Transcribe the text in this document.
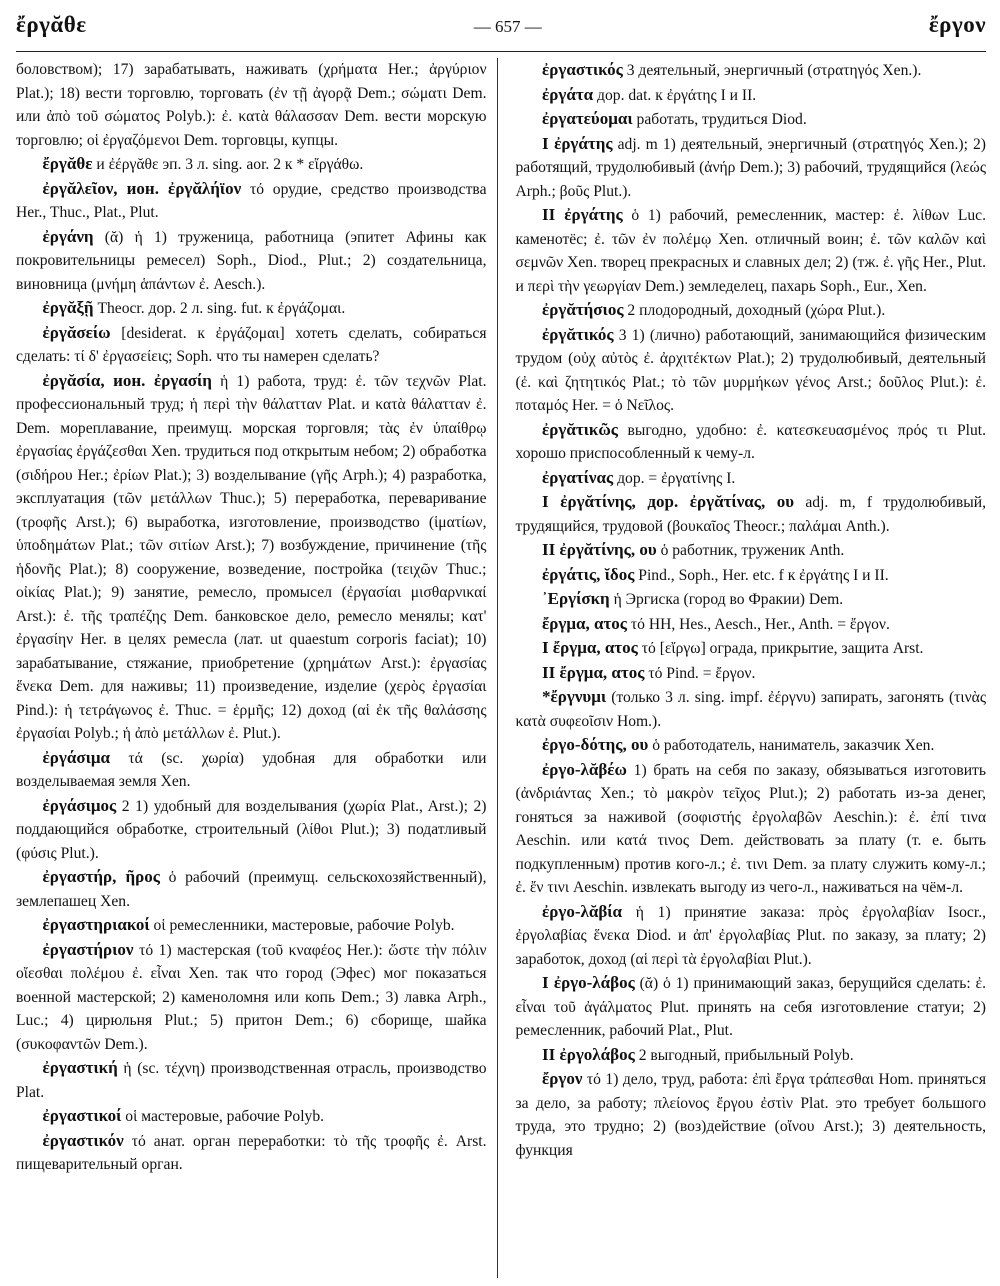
ἔργᾰθε	— 657 —	ἔργον

боловством); 17) зарабатывать, наживать (χρήματα Her.; ἀργύριον Plat.); 18) вести торговлю, торговать (ἐν τῇ ἀγορᾷ Dem.; σώματι Dem. или ἀπὸ τοῦ σώματος Polyb.): ἐ. κατὰ θάλασσαν Dem. вести морскую торговлю; οἱ ἐργαζόμενοι Dem. торговцы, купцы.

ἔργᾰθε и ἐέργᾰθε эп. 3 л. sing. aor. 2 к * εἴργάθω.

ἐργᾰλεῖον, ион. ἐργᾰλήϊον τό орудие, средство производства Her., Thuc., Plat., Plut.

ἐργάνη (ᾰ) ἡ 1) труженица, работница (эпитет Афины как покровительницы ремесел) Soph., Diod., Plut.; 2) создательница, виновница (μνήμη ἁπάντων ἐ. Aesch.).

ἐργᾰξῇ Theocr. дор. 2 л. sing. fut. к ἐργάζομαι.

ἐργᾰσείω [desiderat. к ἐργάζομαι] хотеть сделать, собираться сделать: τί δ' ἐργασείεις; Soph. что ты намерен сделать?

ἐργᾰσία, ион. ἐργασίη ἡ 1) работа, труд: ἐ. τῶν τεχνῶν Plat. профессиональный труд; ἡ περὶ τὴν θάλατταν Plat. и κατὰ θάλατταν ἐ. Dem. мореплавание, преимущ. морская торговля; τὰς ἐν ὑπαίθρῳ ἐργασίας ἐργάζεσθαι Xen. трудиться под открытым небом; 2) обработка (σιδήρου Her.; ἐρίων Plat.); 3) возделывание (γῆς Arph.); 4) разработка, эксплуатация (τῶν μετάλλων Thuc.); 5) переработка, переваривание (τροφῆς Arst.); 6) выработка, изготовление, производство (ἱματίων, ὑποδημάτων Plat.; τῶν σιτίων Arst.); 7) возбуждение, причинение (τῆς ἡδονῆς Plat.); 8) сооружение, возведение, постройка (τειχῶν Thuc.; οἰκίας Plat.); 9) занятие, ремесло, промысел (ἐργασίαι μισθαρνικαί Arst.): ἐ. τῆς τραπέζης Dem. банковское дело, ремесло менялы; κατ' ἐργασίην Her. в целях ремесла (лат. ut quaestum corporis faciat); 10) зарабатывание, стяжание, приобретение (χρημάτων Arst.): ἐργασίας ἕνεκα Dem. для наживы; 11) произведение, изделие (χερὸς ἐργασίαι Pind.): ἡ τετράγωνος ἐ. Thuc. = ἑρμῆς; 12) доход (αἱ ἐκ τῆς θαλάσσης ἐργασίαι Polyb.; ἡ ἀπὸ μετάλλων ἐ. Plut.).

ἐργάσιμα τά (sc. χωρία) удобная для обработки или возделываемая земля Xen.

ἐργάσιμος 2 1) удобный для возделывания (χωρία Plat., Arst.); 2) поддающийся обработке, строительный (λίθοι Plut.); 3) податливый (φύσις Plut.).

ἐργαστήρ, ῆρος ὁ рабочий (преимущ. сельскохозяйственный), землепашец Xen.

ἐργαστηριακοί οἱ ремесленники, мастеровые, рабочие Polyb.

ἐργαστήριον τό 1) мастерская (τοῦ κναφέος Her.): ὥστε τὴν πόλιν οἴεσθαι πολέμου ἐ. εἶναι Xen. так что город (Эфес) мог показаться военной мастерской; 2) каменоломня или копь Dem.; 3) лавка Arph., Luc.; 4) цирюльня Plut.; 5) притон Dem.; 6) сборище, шайка (συκοφαντῶν Dem.).

ἐργαστική ἡ (sc. τέχνη) производственная отрасль, производство Plat.

ἐργαστικοί οἱ мастеровые, рабочие Polyb.

ἐργαστικόν τό анат. орган переработки: τὸ τῆς τροφῆς ἐ. Arst. пищеварительный орган.

ἐργαστικός 3 деятельный, энергичный (στρατηγός Xen.).

ἐργάτα дор. dat. к ἐργάτης I и II.

ἐργατεύομαι работать, трудиться Diod.

I ἐργάτης adj. m 1) деятельный, энергичный (στρατηγός Xen.); 2) работящий, трудолюбивый (ἀνήρ Dem.); 3) рабочий, трудящийся (λεώς Arph.; βοῦς Plut.).

II ἐργάτης ὁ 1) рабочий, ремесленник, мастер: ἐ. λίθων Luc. каменотёс; ἐ. τῶν ἐν πολέμῳ Xen. отличный воин; ἐ. τῶν καλῶν καὶ σεμνῶν Xen. творец прекрасных и славных дел; 2) (тж. ἐ. γῆς Her., Plut. и περὶ τὴν γεωργίαν Dem.) земледелец, пахарь Soph., Eur., Xen.

ἐργᾰτήσιος 2 плодородный, доходный (χώρα Plut.).

ἐργᾰτικός 3 1) (лично) работающий, занимающийся физическим трудом (οὐχ αὐτὸς ἐ. ἀρχιτέκτων Plat.); 2) трудолюбивый, деятельный (ἐ. καὶ ζητητικός Plat.; τὸ τῶν μυρμήκων γένος Arst.; δοῦλος Plut.): ἐ. ποταμός Her. = ὁ Νεῖλος.

ἐργᾰτικῶς выгодно, удобно: ἐ. κατεσκευασμένος πρός τι Plut. хорошо приспособленный к чему-л.

ἐργατίνας дор. = ἐργατίνης I.

I ἐργᾰτίνης, дор. ἐργᾰτίνας, ου adj. m, f трудолюбивый, трудящийся, трудовой (βουκαῖος Theocr.; παλάμαι Anth.).

II ἐργᾰτίνης, ου ὁ работник, труженик Anth.

ἐργάτις, ῐδος Pind., Soph., Her. etc. f к ἐργάτης I и II.

᾿Εργίσκη ἡ Эргиска (город во Фракии) Dem.

ἔργμα, ατος τό HH, Hes., Aesch., Her., Anth. = ἔργον.

I ἔργμα, ατος τό [εἴργω] ограда, прикрытие, защита Arst.

II ἔργμα, ατος τό Pind. = ἔργον.

*ἔργνυμι (только 3 л. sing. impf. ἐέργνυ) запирать, загонять (τινὰς κατὰ συφεοῖσιν Hom.).

ἐργο-δότης, ου ὁ работодатель, наниматель, заказчик Xen.

ἐργο-λᾰβέω 1) брать на себя по заказу, обязываться изготовить (ἀνδριάντας Xen.; τὸ μακρὸν τεῖχος Plut.); 2) работать из-за денег, гоняться за наживой (σοφιστής ἐργολαβῶν Aeschin.): ἐ. ἐπί τινα Aeschin. или κατά τινος Dem. действовать за плату (т. е. быть подкупленным) против кого-л.; ἐ. τινι Dem. за плату служить кому-л.; ἐ. ἔν τινι Aeschin. извлекать выгоду из чего-л., наживаться на чём-л.

ἐργο-λᾰβία ἡ 1) принятие заказа: πρὸς ἐργολαβίαν Isocr., ἐργολαβίας ἕνεκα Diod. и ἀπ' ἐργολαβίας Plut. по заказу, за плату; 2) заработок, доход (αἱ περὶ τὰ ἐργολαβίαι Plut.).

I ἐργο-λάβος (ᾰ) ὁ 1) принимающий заказ, берущийся сделать: ἐ. εἶναι τοῦ ἀγάλματος Plut. принять на себя изготовление статуи; 2) ремесленник, рабочий Plat., Plut.

II ἐργολάβος 2 выгодный, прибыльный Polyb.

ἔργον τό 1) дело, труд, работа: ἐπὶ ἔργα τράπεσθαι Hom. приняться за дело, за работу; πλείονος ἔργου ἐστὶν Plat. это требует большого труда, это трудно; 2) (воз)действие (οἴνου Arst.); 3) деятельность, функция
